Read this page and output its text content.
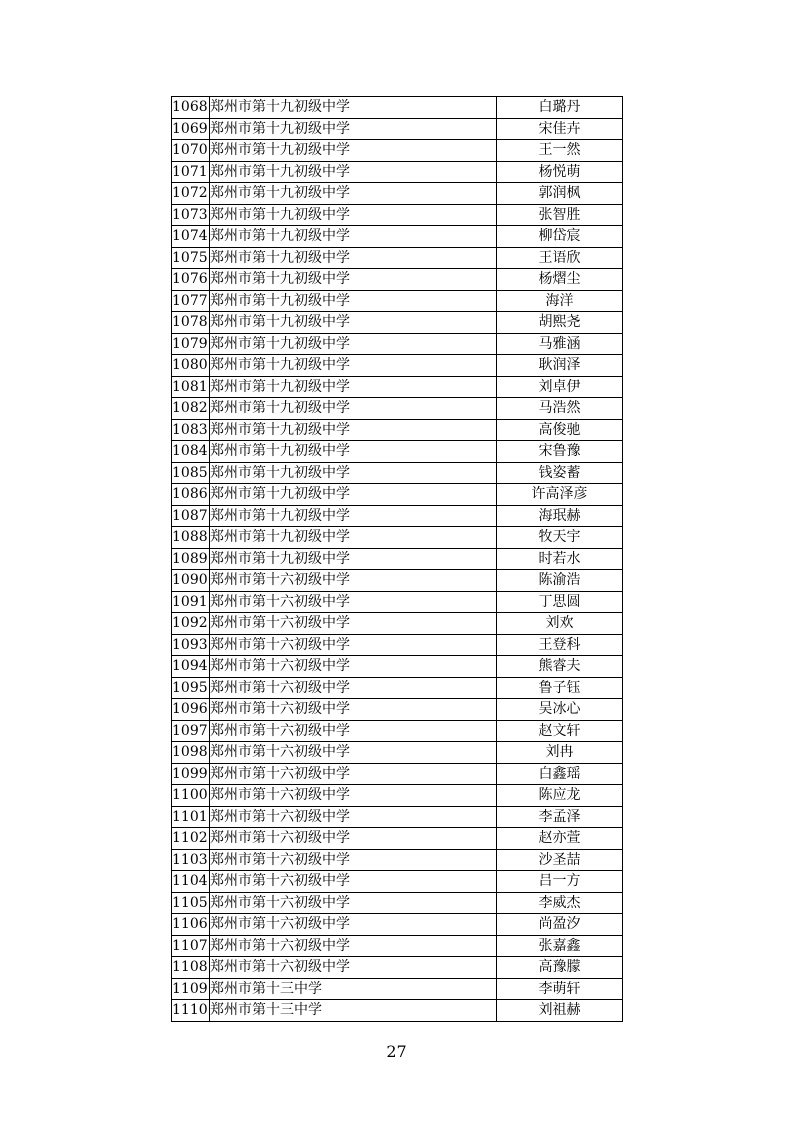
1068	郑州市第十九初级中学	白璐丹
1069	郑州市第十九初级中学	宋佳卉
1070	郑州市第十九初级中学	王一然
1071	郑州市第十九初级中学	杨悦萌
1072	郑州市第十九初级中学	郭润枫
1073	郑州市第十九初级中学	张智胜
1074	郑州市第十九初级中学	柳岱宸
1075	郑州市第十九初级中学	王语欣
1076	郑州市第十九初级中学	杨熠尘
1077	郑州市第十九初级中学	海洋
1078	郑州市第十九初级中学	胡熙尧
1079	郑州市第十九初级中学	马雅涵
1080	郑州市第十九初级中学	耿润泽
1081	郑州市第十九初级中学	刘卓伊
1082	郑州市第十九初级中学	马浩然
1083	郑州市第十九初级中学	高俊驰
1084	郑州市第十九初级中学	宋鲁豫
1085	郑州市第十九初级中学	钱姿蓄
1086	郑州市第十九初级中学	许高泽彦
1087	郑州市第十九初级中学	海珉赫
1088	郑州市第十九初级中学	牧天宇
1089	郑州市第十九初级中学	时若水
1090	郑州市第十六初级中学	陈渝浩
1091	郑州市第十六初级中学	丁思圆
1092	郑州市第十六初级中学	刘欢
1093	郑州市第十六初级中学	王登科
1094	郑州市第十六初级中学	熊睿夫
1095	郑州市第十六初级中学	鲁子钰
1096	郑州市第十六初级中学	吴冰心
1097	郑州市第十六初级中学	赵文轩
1098	郑州市第十六初级中学	刘冉
1099	郑州市第十六初级中学	白鑫瑶
1100	郑州市第十六初级中学	陈应龙
1101	郑州市第十六初级中学	李孟泽
1102	郑州市第十六初级中学	赵亦萱
1103	郑州市第十六初级中学	沙圣喆
1104	郑州市第十六初级中学	吕一方
1105	郑州市第十六初级中学	李威杰
1106	郑州市第十六初级中学	尚盈汐
1107	郑州市第十六初级中学	张嘉鑫
1108	郑州市第十六初级中学	高豫朦
1109	郑州市第十三中学	李萌轩
1110	郑州市第十三中学	刘祖赫
27
